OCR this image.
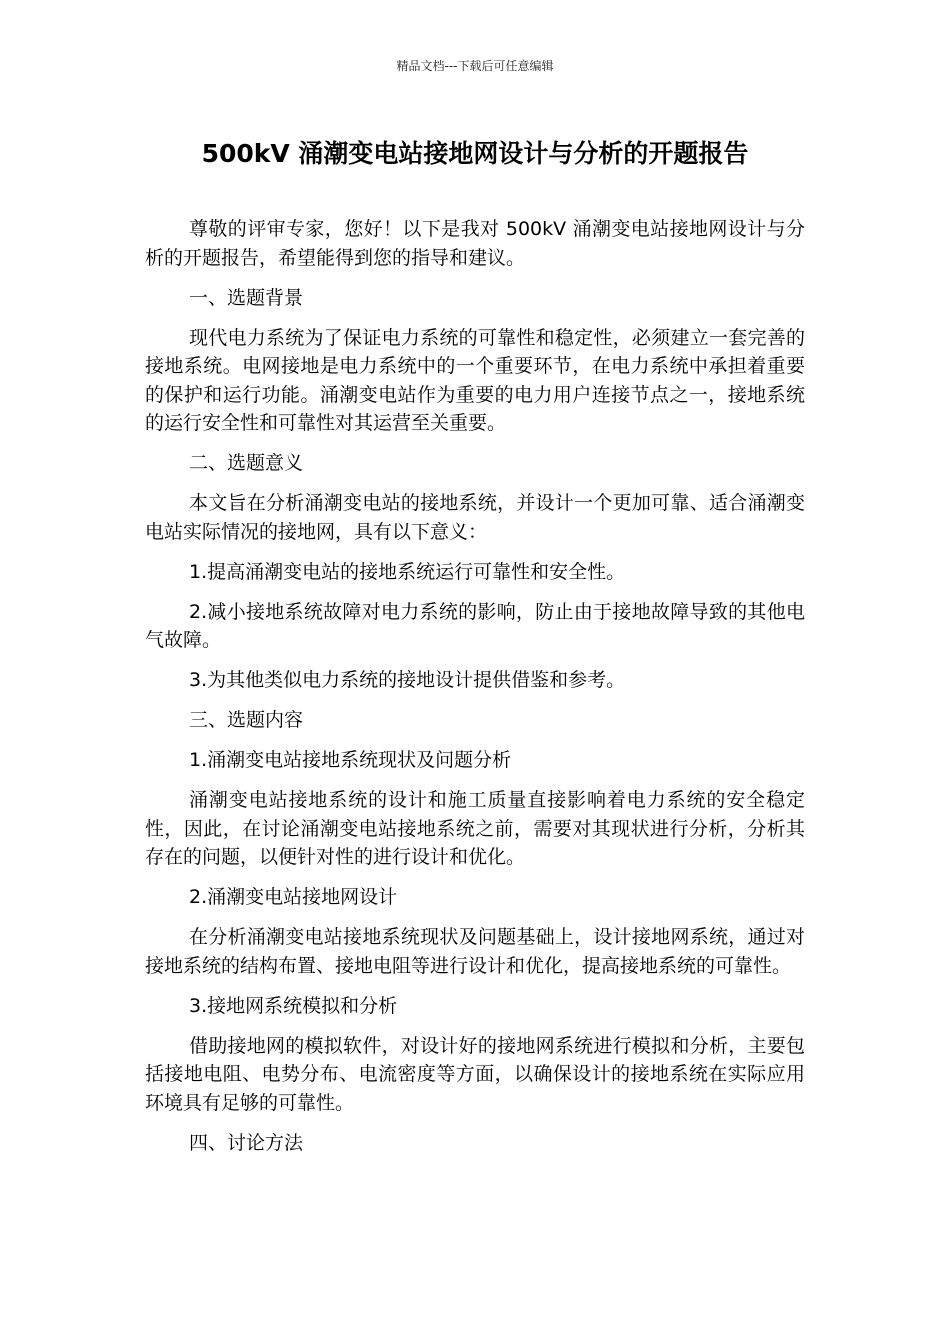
精品文档---下载后可任意编辑
500kV 涌潮变电站接地网设计与分析的开题报告

尊敬的评审专家，您好！以下是我对 500kV 涌潮变电站接地网设计与分析的开题报告，希望能得到您的指导和建议。

一、选题背景

现代电力系统为了保证电力系统的可靠性和稳定性，必须建立一套完善的接地系统。电网接地是电力系统中的一个重要环节，在电力系统中承担着重要的保护和运行功能。涌潮变电站作为重要的电力用户连接节点之一，接地系统的运行安全性和可靠性对其运营至关重要。

二、选题意义

本文旨在分析涌潮变电站的接地系统，并设计一个更加可靠、适合涌潮变电站实际情况的接地网，具有以下意义：

1.提高涌潮变电站的接地系统运行可靠性和安全性。

2.减小接地系统故障对电力系统的影响，防止由于接地故障导致的其他电气故障。

3.为其他类似电力系统的接地设计提供借鉴和参考。

三、选题内容

1.涌潮变电站接地系统现状及问题分析

涌潮变电站接地系统的设计和施工质量直接影响着电力系统的安全稳定性，因此，在讨论涌潮变电站接地系统之前，需要对其现状进行分析，分析其存在的问题，以便针对性的进行设计和优化。

2.涌潮变电站接地网设计

在分析涌潮变电站接地系统现状及问题基础上，设计接地网系统，通过对接地系统的结构布置、接地电阻等进行设计和优化，提高接地系统的可靠性。

3.接地网系统模拟和分析

借助接地网的模拟软件，对设计好的接地网系统进行模拟和分析，主要包括接地电阻、电势分布、电流密度等方面，以确保设计的接地系统在实际应用环境具有足够的可靠性。

四、讨论方法
